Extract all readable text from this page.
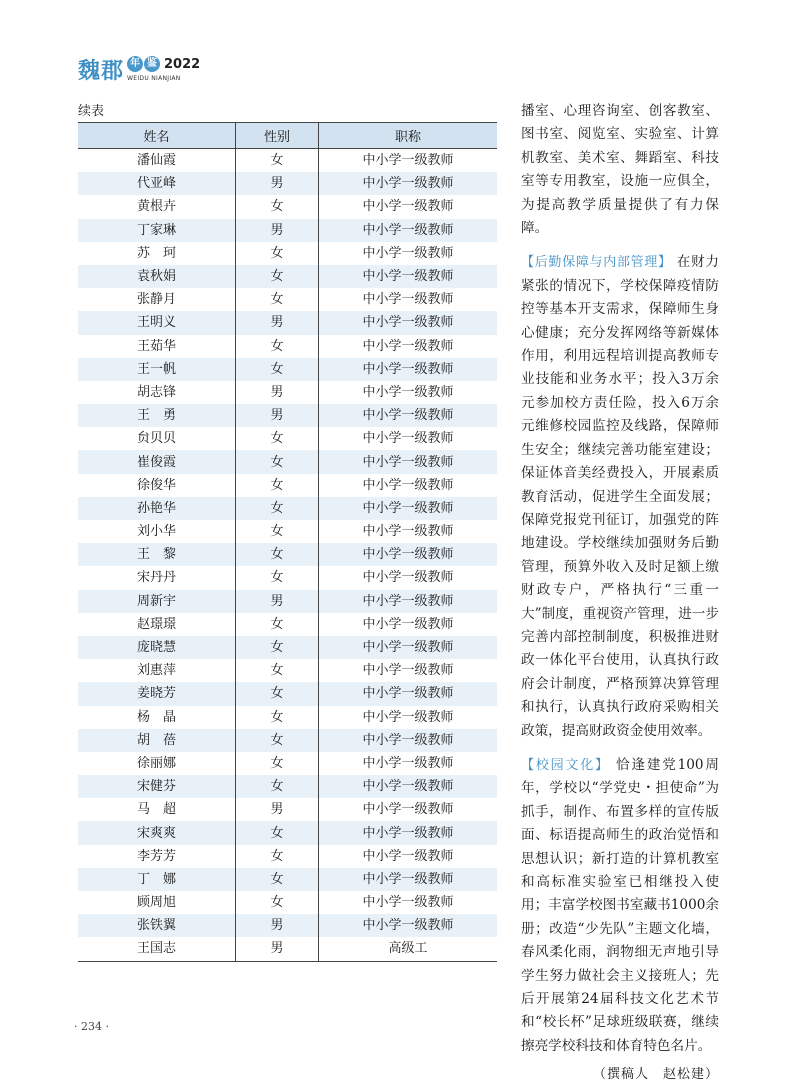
魏郡 年 鉴 2022
WEIDU NIANJIAN
续表
姓名	性别	职称
潘仙霞	女	中小学一级教师
代亚峰	男	中小学一级教师
黄根卉	女	中小学一级教师
丁家琳	男	中小学一级教师
苏　珂	女	中小学一级教师
袁秋娟	女	中小学一级教师
张静月	女	中小学一级教师
王明义	男	中小学一级教师
王茹华	女	中小学一级教师
王一帆	女	中小学一级教师
胡志锋	男	中小学一级教师
王　勇	男	中小学一级教师
贠贝贝	女	中小学一级教师
崔俊霞	女	中小学一级教师
徐俊华	女	中小学一级教师
孙艳华	女	中小学一级教师
刘小华	女	中小学一级教师
王　黎	女	中小学一级教师
宋丹丹	女	中小学一级教师
周新宇	男	中小学一级教师
赵璟璟	女	中小学一级教师
庞晓慧	女	中小学一级教师
刘惠萍	女	中小学一级教师
姜晓芳	女	中小学一级教师
杨　晶	女	中小学一级教师
胡　蓓	女	中小学一级教师
徐丽娜	女	中小学一级教师
宋健芬	女	中小学一级教师
马　超	男	中小学一级教师
宋爽爽	女	中小学一级教师
李芳芳	女	中小学一级教师
丁　娜	女	中小学一级教师
顾周旭	女	中小学一级教师
张铁翼	男	中小学一级教师
王国志	男	高级工

播室、心理咨询室、创客教室、图书室、阅览室、实验室、计算机教室、美术室、舞蹈室、科技室等专用教室，设施一应俱全，为提高教学质量提供了有力保障。

【后勤保障与内部管理】 在财力紧张的情况下，学校保障疫情防控等基本开支需求，保障师生身心健康；充分发挥网络等新媒体作用，利用远程培训提高教师专业技能和业务水平；投入3万余元参加校方责任险，投入6万余元维修校园监控及线路，保障师生安全；继续完善功能室建设；保证体音美经费投入，开展素质教育活动，促进学生全面发展；保障党报党刊征订，加强党的阵地建设。学校继续加强财务后勤管理，预算外收入及时足额上缴财政专户，严格执行“三重一大”制度，重视资产管理，进一步完善内部控制制度，积极推进财政一体化平台使用，认真执行政府会计制度，严格预算决算管理和执行，认真执行政府采购相关政策，提高财政资金使用效率。

【校园文化】 恰逢建党100周年，学校以“学党史・担使命”为抓手，制作、布置多样的宣传版面、标语提高师生的政治觉悟和思想认识；新打造的计算机教室和高标准实验室已相继投入使用；丰富学校图书室藏书1000余册；改造“少先队”主题文化墙，春风柔化雨，润物细无声地引导学生努力做社会主义接班人；先后开展第24届科技文化艺术节和“校长杯”足球班级联赛，继续擦亮学校科技和体育特色名片。

（撰稿人　赵松建）
· 234 ·
